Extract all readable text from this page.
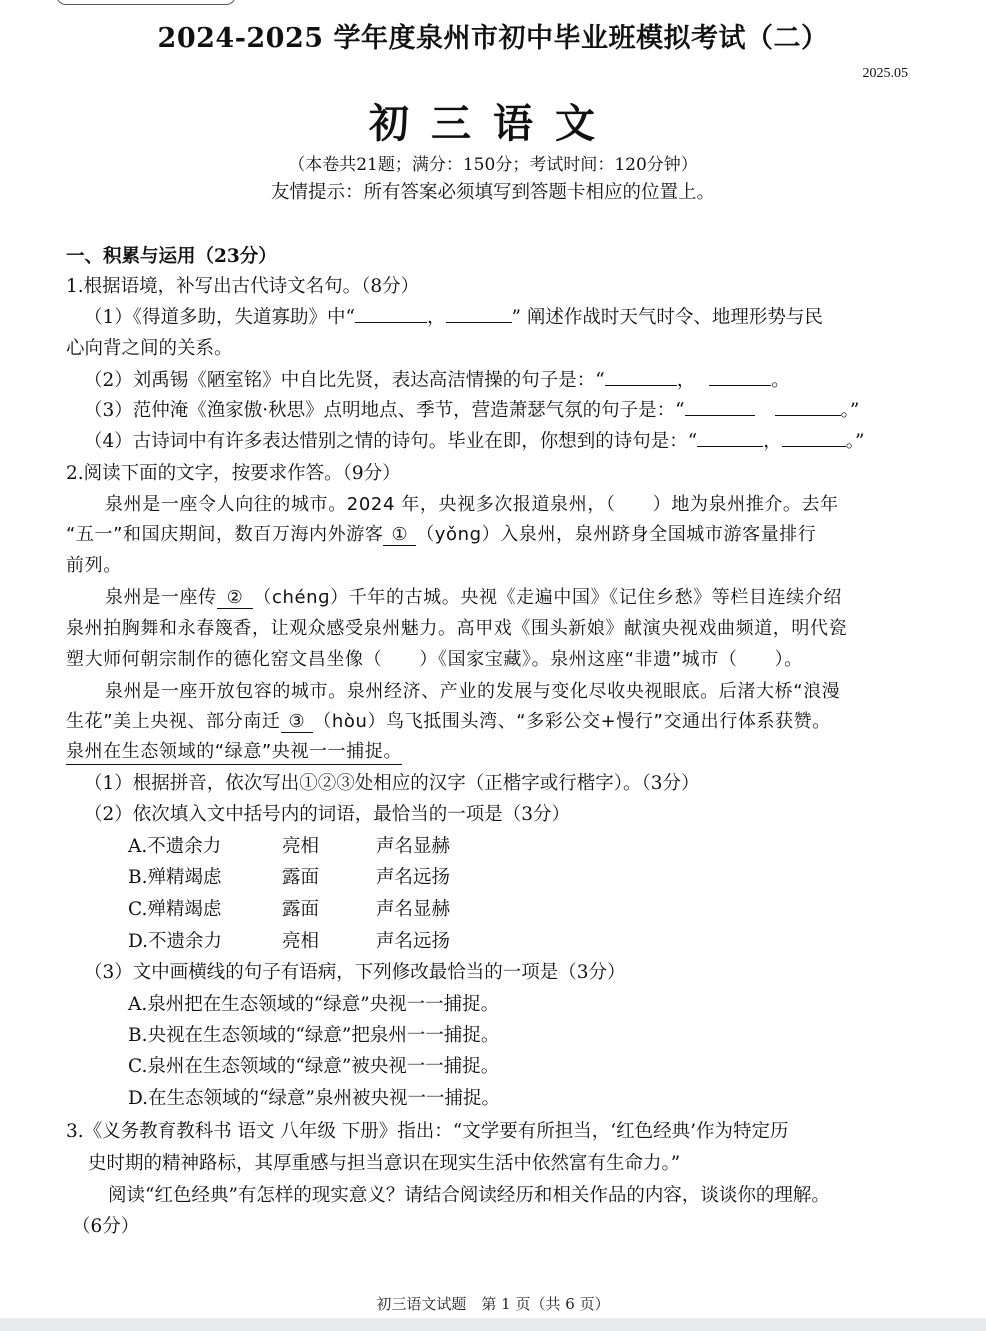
2024-2025 学年度泉州市初中毕业班模拟考试（二）
2025.05
初三语文
（本卷共21题；满分：150分；考试时间：120分钟）
友情提示：所有答案必须填写到答题卡相应的位置上。
一、积累与运用（23分）
1.根据语境，补写出古代诗文名句。（8分）
（1）《得道多助，失道寡助》中“	，	” 阐述作战时天气时令、地理形势与民
心向背之间的关系。
（2）刘禹锡《陋室铭》中自比先贤，表达高洁情操的句子是：“	，	。
（3）范仲淹《渔家傲·秋思》点明地点、季节，营造萧瑟气氛的句子是：“	。”
（4）古诗词中有许多表达惜别之情的诗句。毕业在即，你想到的诗句是：“	，	。”
2.阅读下面的文字，按要求作答。（9分）
泉州是一座令人向往的城市。2024 年，央视多次报道泉州，（　　）地为泉州推介。去年
“五一”和国庆期间，数百万海内外游客 ① （yǒng）入泉州，泉州跻身全国城市游客量排行
前列。
泉州是一座传 ② （chénɡ）千年的古城。央视《走遍中国》《记住乡愁》等栏目连续介绍
泉州拍胸舞和永春篾香，让观众感受泉州魅力。高甲戏《围头新娘》献演央视戏曲频道，明代瓷
塑大师何朝宗制作的德化窑文昌坐像（　　）《国家宝藏》。泉州这座“非遗”城市（　　）。
泉州是一座开放包容的城市。泉州经济、产业的发展与变化尽收央视眼底。后渚大桥“浪漫
生花”美上央视、部分南迁 ③ （hòu）鸟飞抵围头湾、“多彩公交+慢行”交通出行体系获赞。
泉州在生态领域的“绿意”央视一一捕捉。
（1）根据拼音，依次写出①②③处相应的汉字（正楷字或行楷字）。（3分）
（2）依次填入文中括号内的词语，最恰当的一项是（3分）
A.不遗余力	亮相	声名显赫
B.殚精竭虑	露面	声名远扬
C.殚精竭虑	露面	声名显赫
D.不遗余力	亮相	声名远扬
（3）文中画横线的句子有语病，下列修改最恰当的一项是（3分）
A.泉州把在生态领域的“绿意”央视一一捕捉。
B.央视在生态领域的“绿意”把泉州一一捕捉。
C.泉州在生态领域的“绿意”被央视一一捕捉。
D.在生态领域的“绿意”泉州被央视一一捕捉。
3.《义务教育教科书 语文 八年级 下册》指出：“文学要有所担当，‘红色经典’作为特定历
史时期的精神路标，其厚重感与担当意识在现实生活中依然富有生命力。”
阅读“红色经典”有怎样的现实意义？请结合阅读经历和相关作品的内容，谈谈你的理解。
（6分）
初三语文试题　第 1 页（共 6 页）
